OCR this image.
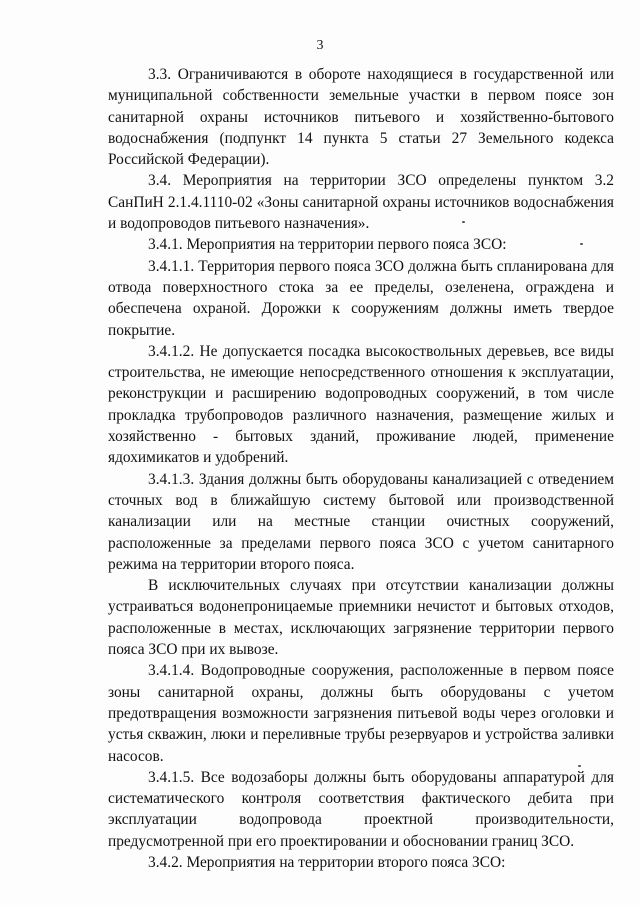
3

3.3. Ограничиваются в обороте находящиеся в государственной или муниципальной собственности земельные участки в первом поясе зон санитарной охраны источников питьевого и хозяйственно-бытового водоснабжения (подпункт 14 пункта 5 статьи 27 Земельного кодекса Российской Федерации).

3.4. Мероприятия на территории ЗСО определены пунктом 3.2 СанПиН 2.1.4.1110-02 «Зоны санитарной охраны источников водоснабжения и водопроводов питьевого назначения».

3.4.1. Мероприятия на территории первого пояса ЗСО:

3.4.1.1. Территория первого пояса ЗСО должна быть спланирована для отвода поверхностного стока за ее пределы, озеленена, ограждена и обеспечена охраной. Дорожки к сооружениям должны иметь твердое покрытие.

3.4.1.2. Не допускается посадка высокоствольных деревьев, все виды строительства, не имеющие непосредственного отношения к эксплуатации, реконструкции и расширению водопроводных сооружений, в том числе прокладка трубопроводов различного назначения, размещение жилых и хозяйственно - бытовых зданий, проживание людей, применение ядохимикатов и удобрений.

3.4.1.3. Здания должны быть оборудованы канализацией с отведением сточных вод в ближайшую систему бытовой или производственной канализации или на местные станции очистных сооружений, расположенные за пределами первого пояса ЗСО с учетом санитарного режима на территории второго пояса.

В исключительных случаях при отсутствии канализации должны устраиваться водонепроницаемые приемники нечистот и бытовых отходов, расположенные в местах, исключающих загрязнение территории первого пояса ЗСО при их вывозе.

3.4.1.4. Водопроводные сооружения, расположенные в первом поясе зоны санитарной охраны, должны быть оборудованы с учетом предотвращения возможности загрязнения питьевой воды через оголовки и устья скважин, люки и переливные трубы резервуаров и устройства заливки насосов.

3.4.1.5. Все водозаборы должны быть оборудованы аппаратурой для систематического контроля соответствия фактического дебита при эксплуатации водопровода проектной производительности, предусмотренной при его проектировании и обосновании границ ЗСО.

3.4.2. Мероприятия на территории второго пояса ЗСО:
